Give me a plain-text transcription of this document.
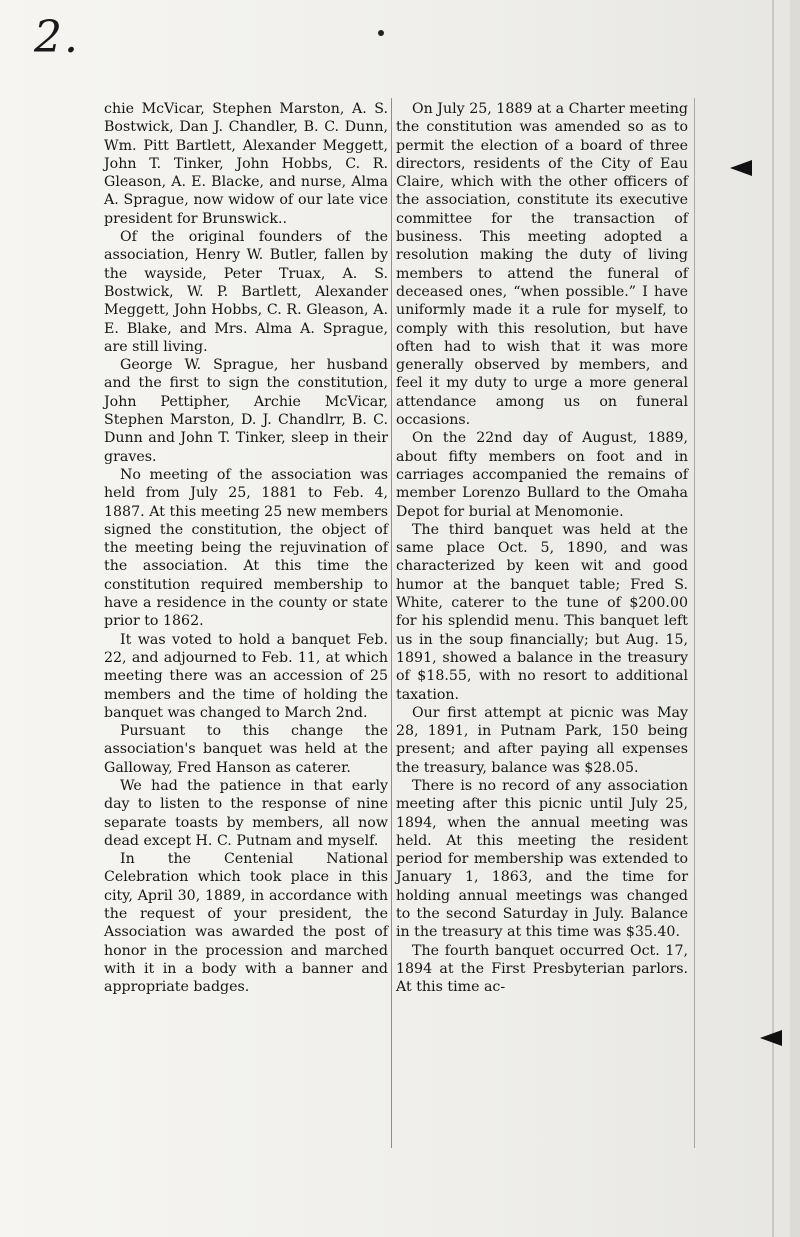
2.

chie McVicar, Stephen Marston, A. S. Bostwick, Dan J. Chandler, B. C. Dunn, Wm. Pitt Bartlett, Alexander Meggett, John T. Tinker, John Hobbs, C. R. Gleason, A. E. Blacke, and nurse, Alma A. Sprague, now widow of our late vice president for Brunswick..

Of the original founders of the association, Henry W. Butler, fallen by the wayside, Peter Truax, A. S. Bostwick, W. P. Bartlett, Alexander Meggett, John Hobbs, C. R. Gleason, A. E. Blake, and Mrs. Alma A. Sprague, are still living.

George W. Sprague, her husband and the first to sign the constitution, John Pettipher, Archie McVicar, Stephen Marston, D. J. Chandlrr, B. C. Dunn and John T. Tinker, sleep in their graves.

No meeting of the association was held from July 25, 1881 to Feb. 4, 1887. At this meeting 25 new members signed the constitution, the object of the meeting being the rejuvination of the association. At this time the constitution required membership to have a residence in the county or state prior to 1862.

It was voted to hold a banquet Feb. 22, and adjourned to Feb. 11, at which meeting there was an accession of 25 members and the time of holding the banquet was changed to March 2nd.

Pursuant to this change the association's banquet was held at the Galloway, Fred Hanson as caterer.

We had the patience in that early day to listen to the response of nine separate toasts by members, all now dead except H. C. Putnam and myself.

In the Centenial National Celebration which took place in this city, April 30, 1889, in accordance with the request of your president, the Association was awarded the post of honor in the procession and marched with it in a body with a banner and appropriate badges.

On July 25, 1889 at a Charter meeting the constitution was amended so as to permit the election of a board of three directors, residents of the City of Eau Claire, which with the other officers of the association, constitute its executive committee for the transaction of business. This meeting adopted a resolution making the duty of living members to attend the funeral of deceased ones, “when possible.” I have uniformly made it a rule for myself, to comply with this resolution, but have often had to wish that it was more generally observed by members, and feel it my duty to urge a more general attendance among us on funeral occasions.

On the 22nd day of August, 1889, about fifty members on foot and in carriages accompanied the remains of member Lorenzo Bullard to the Omaha Depot for burial at Menomonie.

The third banquet was held at the same place Oct. 5, 1890, and was characterized by keen wit and good humor at the banquet table; Fred S. White, caterer to the tune of $200.00 for his splendid menu. This banquet left us in the soup financially; but Aug. 15, 1891, showed a balance in the treasury of $18.55, with no resort to additional taxation.

Our first attempt at picnic was May 28, 1891, in Putnam Park, 150 being present; and after paying all expenses the treasury, balance was $28.05.

There is no record of any association meeting after this picnic until July 25, 1894, when the annual meeting was held. At this meeting the resident period for membership was extended to January 1, 1863, and the time for holding annual meetings was changed to the second Saturday in July. Balance in the treasury at this time was $35.40.

The fourth banquet occurred Oct. 17, 1894 at the First Presbyterian parlors. At this time ac-
